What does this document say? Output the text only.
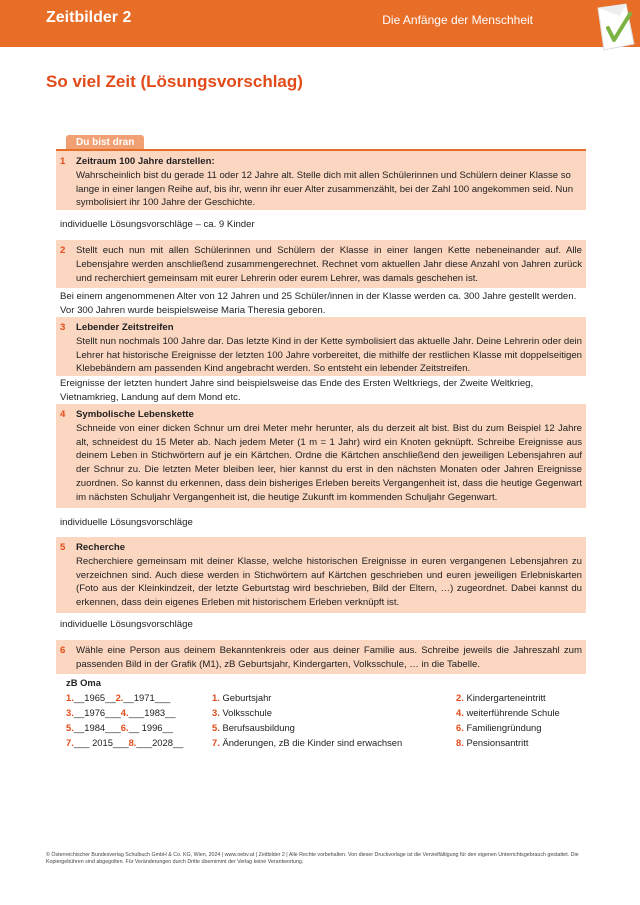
Zeitbilder 2	Die Anfänge der Menschheit
So viel Zeit (Lösungsvorschlag)
Du bist dran
1 Zeitraum 100 Jahre darstellen:
Wahrscheinlich bist du gerade 11 oder 12 Jahre alt. Stelle dich mit allen Schülerinnen und Schülern deiner Klasse so lange in einer langen Reihe auf, bis ihr, wenn ihr euer Alter zusammenzählt, bei der Zahl 100 angekommen seid. Nun symbolisiert ihr 100 Jahre der Geschichte.
individuelle Lösungsvorschläge – ca. 9 Kinder
2 Stellt euch nun mit allen Schülerinnen und Schülern der Klasse in einer langen Kette nebeneinander auf. Alle Lebensjahre werden anschließend zusammengerechnet. Rechnet vom aktuellen Jahr diese Anzahl von Jahren zurück und recherchiert gemeinsam mit eurer Lehrerin oder eurem Lehrer, was damals geschehen ist.
Bei einem angenommenen Alter von 12 Jahren und 25 Schüler/innen in der Klasse werden ca. 300 Jahre gestellt werden. Vor 300 Jahren wurde beispielsweise Maria Theresia geboren.
3 Lebender Zeitstreifen
Stellt nun nochmals 100 Jahre dar. Das letzte Kind in der Kette symbolisiert das aktuelle Jahr. Deine Lehrerin oder dein Lehrer hat historische Ereignisse der letzten 100 Jahre vorbereitet, die mithilfe der restlichen Klasse mit doppelseitigen Klebebändern am passenden Kind angebracht werden. So entsteht ein lebender Zeitstreifen.
Ereignisse der letzten hundert Jahre sind beispielsweise das Ende des Ersten Weltkriegs, der Zweite Weltkrieg, Vietnamkrieg, Landung auf dem Mond etc.
4 Symbolische Lebenskette
Schneide von einer dicken Schnur um drei Meter mehr herunter, als du derzeit alt bist. Bist du zum Beispiel 12 Jahre alt, schneidest du 15 Meter ab. Nach jedem Meter (1 m = 1 Jahr) wird ein Knoten geknüpft. Schreibe Ereignisse aus deinem Leben in Stichwörtern auf je ein Kärtchen. Ordne die Kärtchen anschließend den jeweiligen Lebensjahren auf der Schnur zu. Die letzten Meter bleiben leer, hier kannst du erst in den nächsten Monaten oder Jahren Ereignisse zuordnen. So kannst du erkennen, dass dein bisheriges Erleben bereits Vergangenheit ist, dass die heutige Gegenwart im nächsten Schuljahr Vergangenheit ist, die heutige Zukunft im kommenden Schuljahr Gegenwart.
individuelle Lösungsvorschläge
5 Recherche
Recherchiere gemeinsam mit deiner Klasse, welche historischen Ereignisse in euren vergangenen Lebensjahren zu verzeichnen sind. Auch diese werden in Stichwörtern auf Kärtchen geschrieben und euren jeweiligen Erlebniskarten (Foto aus der Kleinkindzeit, der letzte Geburtstag wird beschrieben, Bild der Eltern, …) zugeordnet. Dabei kannst du erkennen, dass dein eigenes Erleben mit historischem Erleben verknüpft ist.
individuelle Lösungsvorschläge
6 Wähle eine Person aus deinem Bekanntenkreis oder aus deiner Familie aus. Schreibe jeweils die Jahreszahl zum passenden Bild in der Grafik (M1), zB Geburtsjahr, Kindergarten, Volksschule, … in die Tabelle.
zB Oma
1.__1965__2.__1971___
3.__1976___4.___1983__
5.__1984___6.__ 1996__
7.___ 2015___8.___2028__
1. Geburtsjahr
3. Volksschule
5. Berufsausbildung
7. Änderungen, zB die Kinder sind erwachsen
2. Kindergarteneintritt
4. weiterführende Schule
6. Familiengründung
8. Pensionsantritt
© Österreichischer Bundesverlag Schulbuch GmbH & Co. KG, Wien, 2024 | www.oebv.at | Zeitbilder 2 | Alle Rechte vorbehalten. Von dieser Druckvorlage ist die Vervielfältigung für den eigenen Unterrichtsgebrauch gestattet. Die Kopiergebühren sind abgegolten. Für Veränderungen durch Dritte übernimmt der Verlag keine Verantwortung.
